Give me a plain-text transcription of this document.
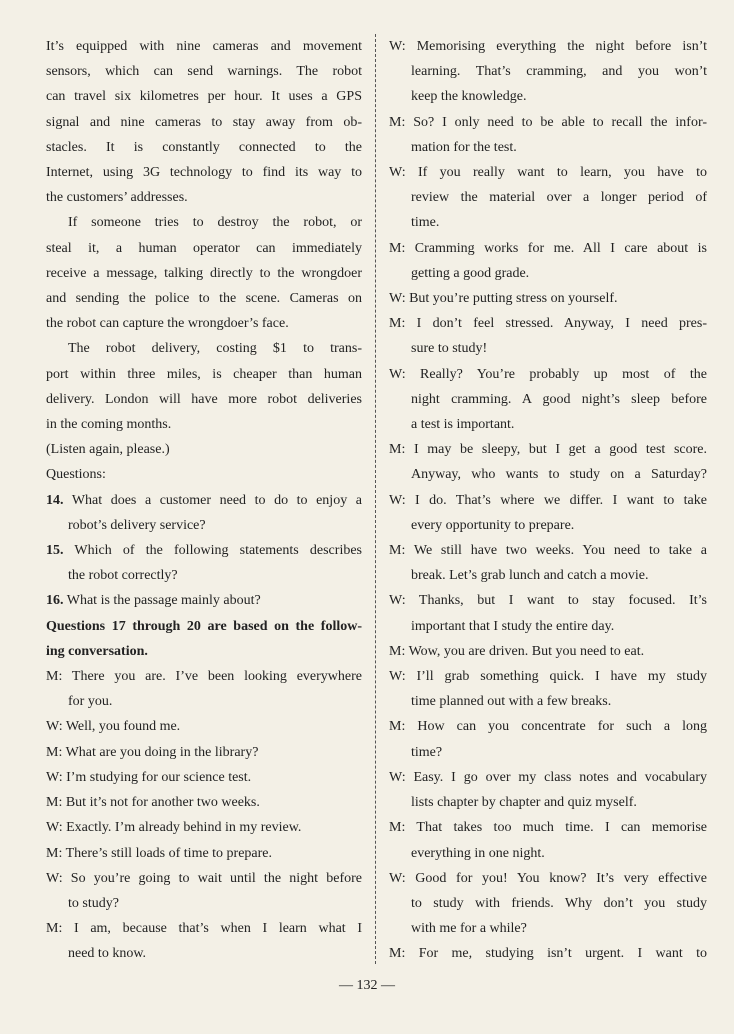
It’s equipped with nine cameras and movement
sensors, which can send warnings. The robot
can travel six kilometres per hour. It uses a GPS
signal and nine cameras to stay away from ob-
stacles. It is constantly connected to the
Internet, using 3G technology to find its way to
the customers’ addresses.
If someone tries to destroy the robot, or
steal it, a human operator can immediately
receive a message, talking directly to the wrongdoer
and sending the police to the scene. Cameras on
the robot can capture the wrongdoer’s face.
The robot delivery, costing $1 to trans-
port within three miles, is cheaper than human
delivery. London will have more robot deliveries
in the coming months.
(Listen again, please.)
Questions:
14. What does a customer need to do to enjoy a
robot’s delivery service?
15. Which of the following statements describes
the robot correctly?
16. What is the passage mainly about?
Questions 17 through 20 are based on the follow-
ing conversation.
M: There you are. I’ve been looking everywhere
for you.
W: Well, you found me.
M: What are you doing in the library?
W: I’m studying for our science test.
M: But it’s not for another two weeks.
W: Exactly. I’m already behind in my review.
M: There’s still loads of time to prepare.
W: So you’re going to wait until the night before
to study?
M: I am, because that’s when I learn what I
need to know.
W: Memorising everything the night before isn’t
learning. That’s cramming, and you won’t
keep the knowledge.
M: So? I only need to be able to recall the infor-
mation for the test.
W: If you really want to learn, you have to
review the material over a longer period of
time.
M: Cramming works for me. All I care about is
getting a good grade.
W: But you’re putting stress on yourself.
M: I don’t feel stressed. Anyway, I need pres-
sure to study!
W: Really? You’re probably up most of the
night cramming. A good night’s sleep before
a test is important.
M: I may be sleepy, but I get a good test score.
Anyway, who wants to study on a Saturday?
W: I do. That’s where we differ. I want to take
every opportunity to prepare.
M: We still have two weeks. You need to take a
break. Let’s grab lunch and catch a movie.
W: Thanks, but I want to stay focused. It’s
important that I study the entire day.
M: Wow, you are driven. But you need to eat.
W: I’ll grab something quick. I have my study
time planned out with a few breaks.
M: How can you concentrate for such a long
time?
W: Easy. I go over my class notes and vocabulary
lists chapter by chapter and quiz myself.
M: That takes too much time. I can memorise
everything in one night.
W: Good for you! You know? It’s very effective
to study with friends. Why don’t you study
with me for a while?
M: For me, studying isn’t urgent. I want to
— 132 —
